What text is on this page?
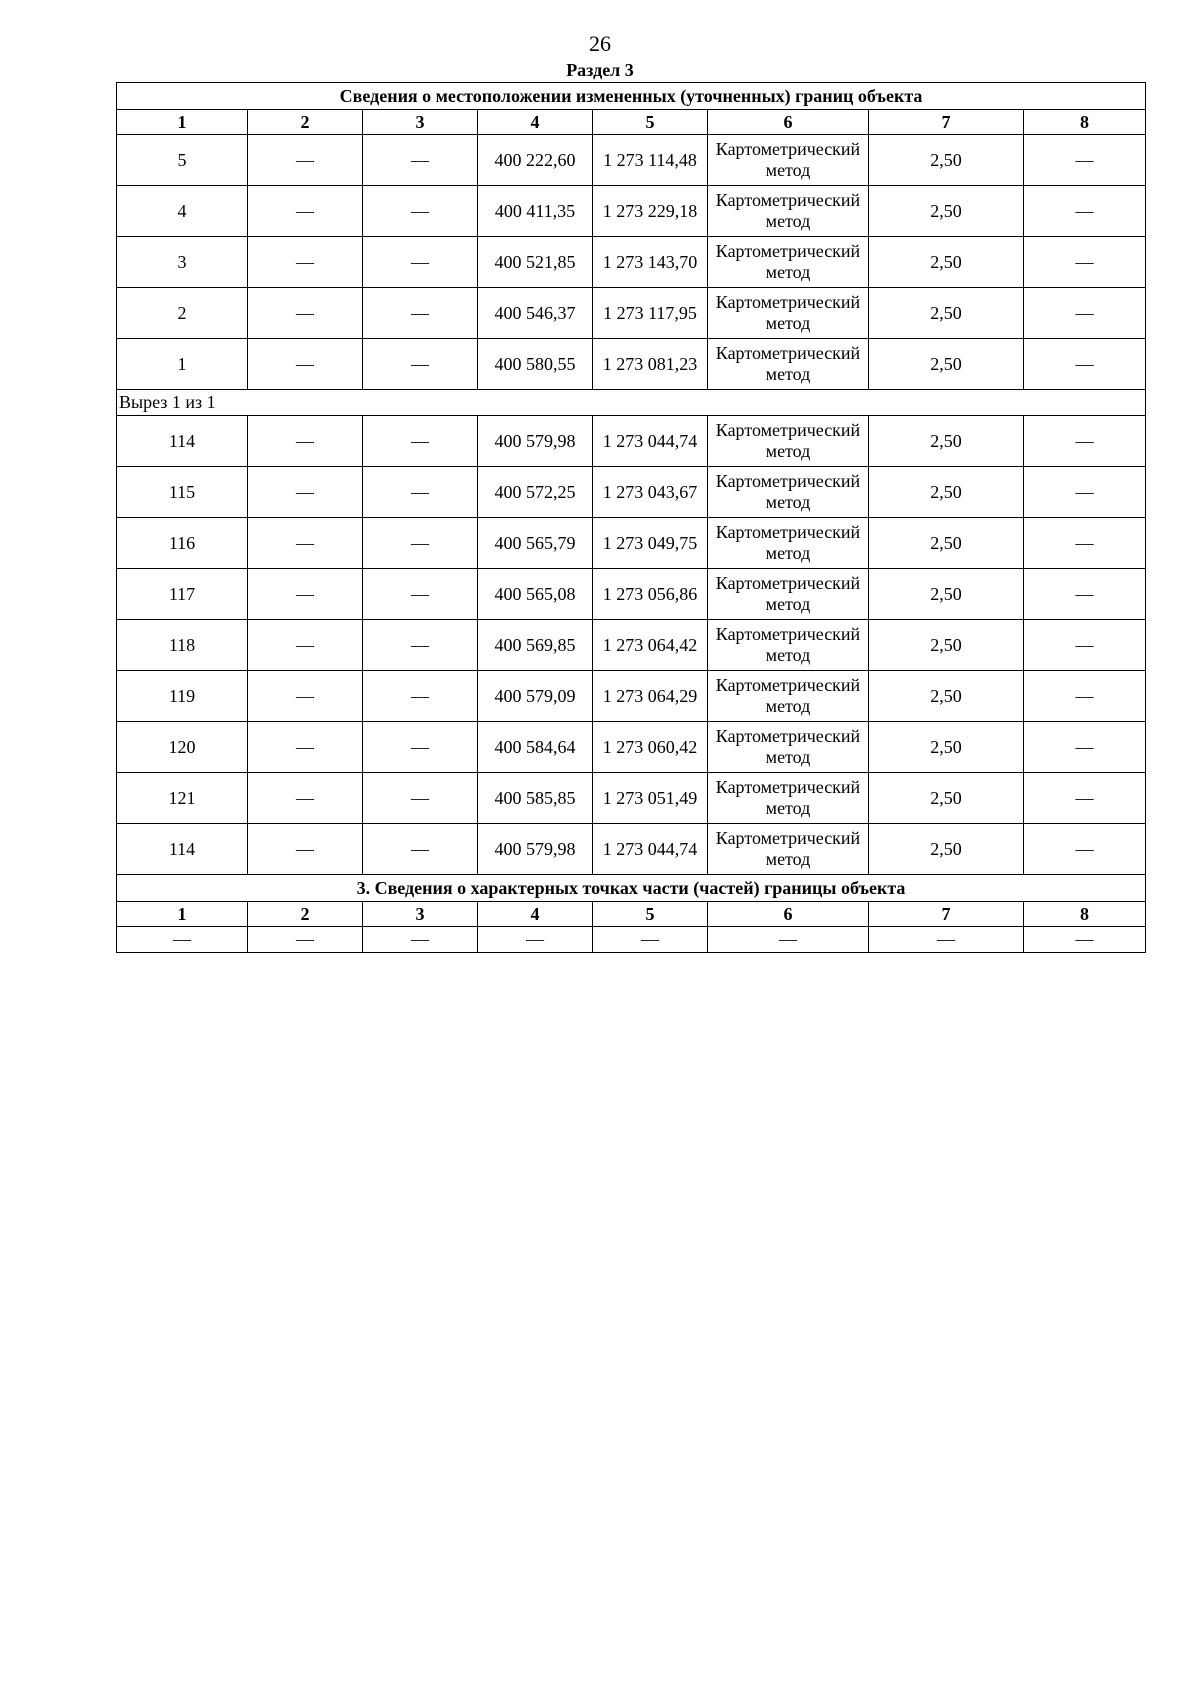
26
Раздел 3
Сведения о местоположении измененных (уточненных) границ объекта							
1	2	3	4	5	6	7	8
5	—	—	400 222,60	1 273 114,48	Картометрический метод	2,50	—
4	—	—	400 411,35	1 273 229,18	Картометрический метод	2,50	—
3	—	—	400 521,85	1 273 143,70	Картометрический метод	2,50	—
2	—	—	400 546,37	1 273 117,95	Картометрический метод	2,50	—
1	—	—	400 580,55	1 273 081,23	Картометрический метод	2,50	—
Вырез 1 из 1							
114	—	—	400 579,98	1 273 044,74	Картометрический метод	2,50	—
115	—	—	400 572,25	1 273 043,67	Картометрический метод	2,50	—
116	—	—	400 565,79	1 273 049,75	Картометрический метод	2,50	—
117	—	—	400 565,08	1 273 056,86	Картометрический метод	2,50	—
118	—	—	400 569,85	1 273 064,42	Картометрический метод	2,50	—
119	—	—	400 579,09	1 273 064,29	Картометрический метод	2,50	—
120	—	—	400 584,64	1 273 060,42	Картометрический метод	2,50	—
121	—	—	400 585,85	1 273 051,49	Картометрический метод	2,50	—
114	—	—	400 579,98	1 273 044,74	Картометрический метод	2,50	—
3. Сведения о характерных точках части (частей) границы объекта							
1	2	3	4	5	6	7	8
—	—	—	—	—	—	—	—
